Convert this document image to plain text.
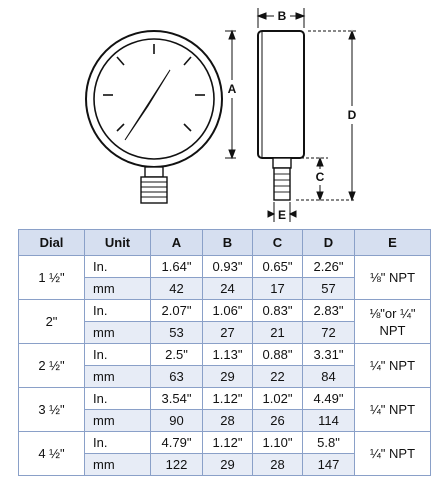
A
B
D
C
E
Dial	Unit	A	B	C	D	E
1 ½"	In.	1.64"	0.93"	0.65"	2.26"	⅛" NPT
	mm	42	24	17	57	
2"	In.	2.07"	1.06"	0.83"	2.83"	⅛"or ¼"
NPT

	mm	53	27	21	72	
2 ½"	In.	2.5"	1.13"	0.88"	3.31"	¼" NPT
	mm	63	29	22	84	
3 ½"	In.	3.54"	1.12"	1.02"	4.49"	¼" NPT
	mm	90	28	26	114	
4 ½"	In.	4.79"	1.12"	1.10"	5.8"	¼" NPT
	mm	122	29	28	147	
